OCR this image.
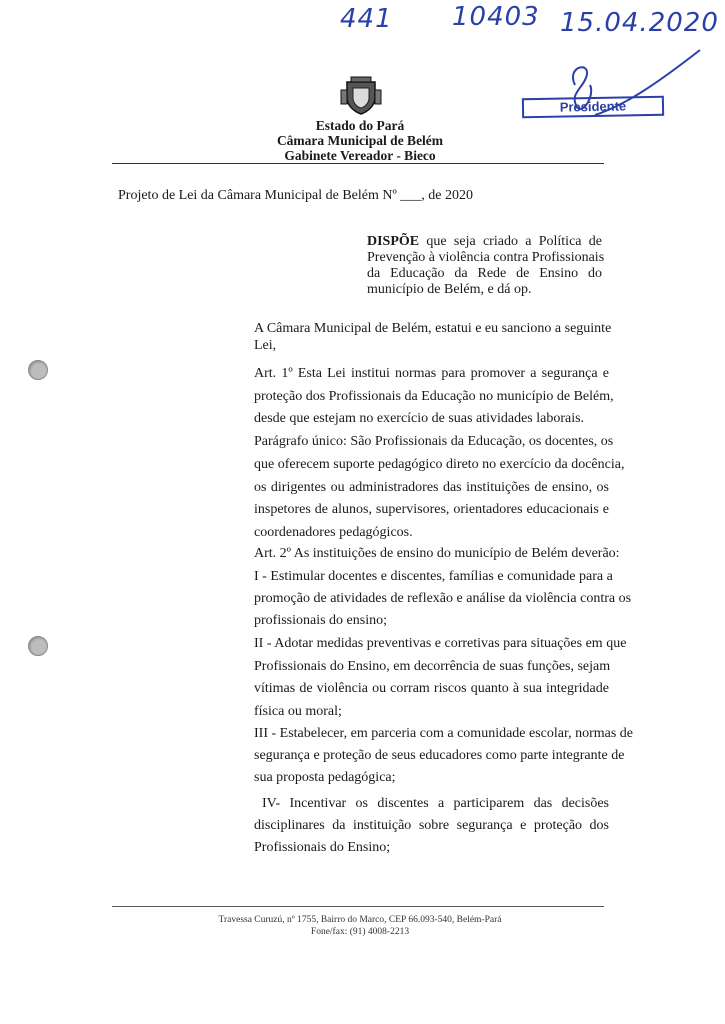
441 10403 15.04.2020
Presidente
Estado do Pará
Câmara Municipal de Belém
Gabinete Vereador - Bieco
Projeto de Lei da Câmara Municipal de Belém Nº ___, de 2020
DISPÕE que seja criado a Política de
Prevenção à violência contra Profissionais
da Educação da Rede de Ensino do
município de Belém, e dá op.
A Câmara Municipal de Belém, estatui e eu sanciono a seguinte
Lei,
Art. 1º Esta Lei institui normas para promover a segurança e
proteção dos Profissionais da Educação no município de Belém,
desde que estejam no exercício de suas atividades laborais.
Parágrafo único: São Profissionais da Educação, os docentes, os
que oferecem suporte pedagógico direto no exercício da docência,
os dirigentes ou administradores das instituições de ensino, os
inspetores de alunos, supervisores, orientadores educacionais e
coordenadores pedagógicos.
Art. 2º As instituições de ensino do município de Belém deverão:
I - Estimular docentes e discentes, famílias e comunidade para a
promoção de atividades de reflexão e análise da violência contra os
profissionais do ensino;
II - Adotar medidas preventivas e corretivas para situações em que
Profissionais do Ensino, em decorrência de suas funções, sejam
vítimas de violência ou corram riscos quanto à sua integridade
física ou moral;
III - Estabelecer, em parceria com a comunidade escolar, normas de
segurança e proteção de seus educadores como parte integrante de
sua proposta pedagógica;
IV- Incentivar os discentes a participarem das decisões
disciplinares da instituição sobre segurança e proteção dos
Profissionais do Ensino;
Travessa Curuzú, nº 1755, Bairro do Marco, CEP 66.093-540, Belém-Pará
Fone/fax: (91) 4008-2213
